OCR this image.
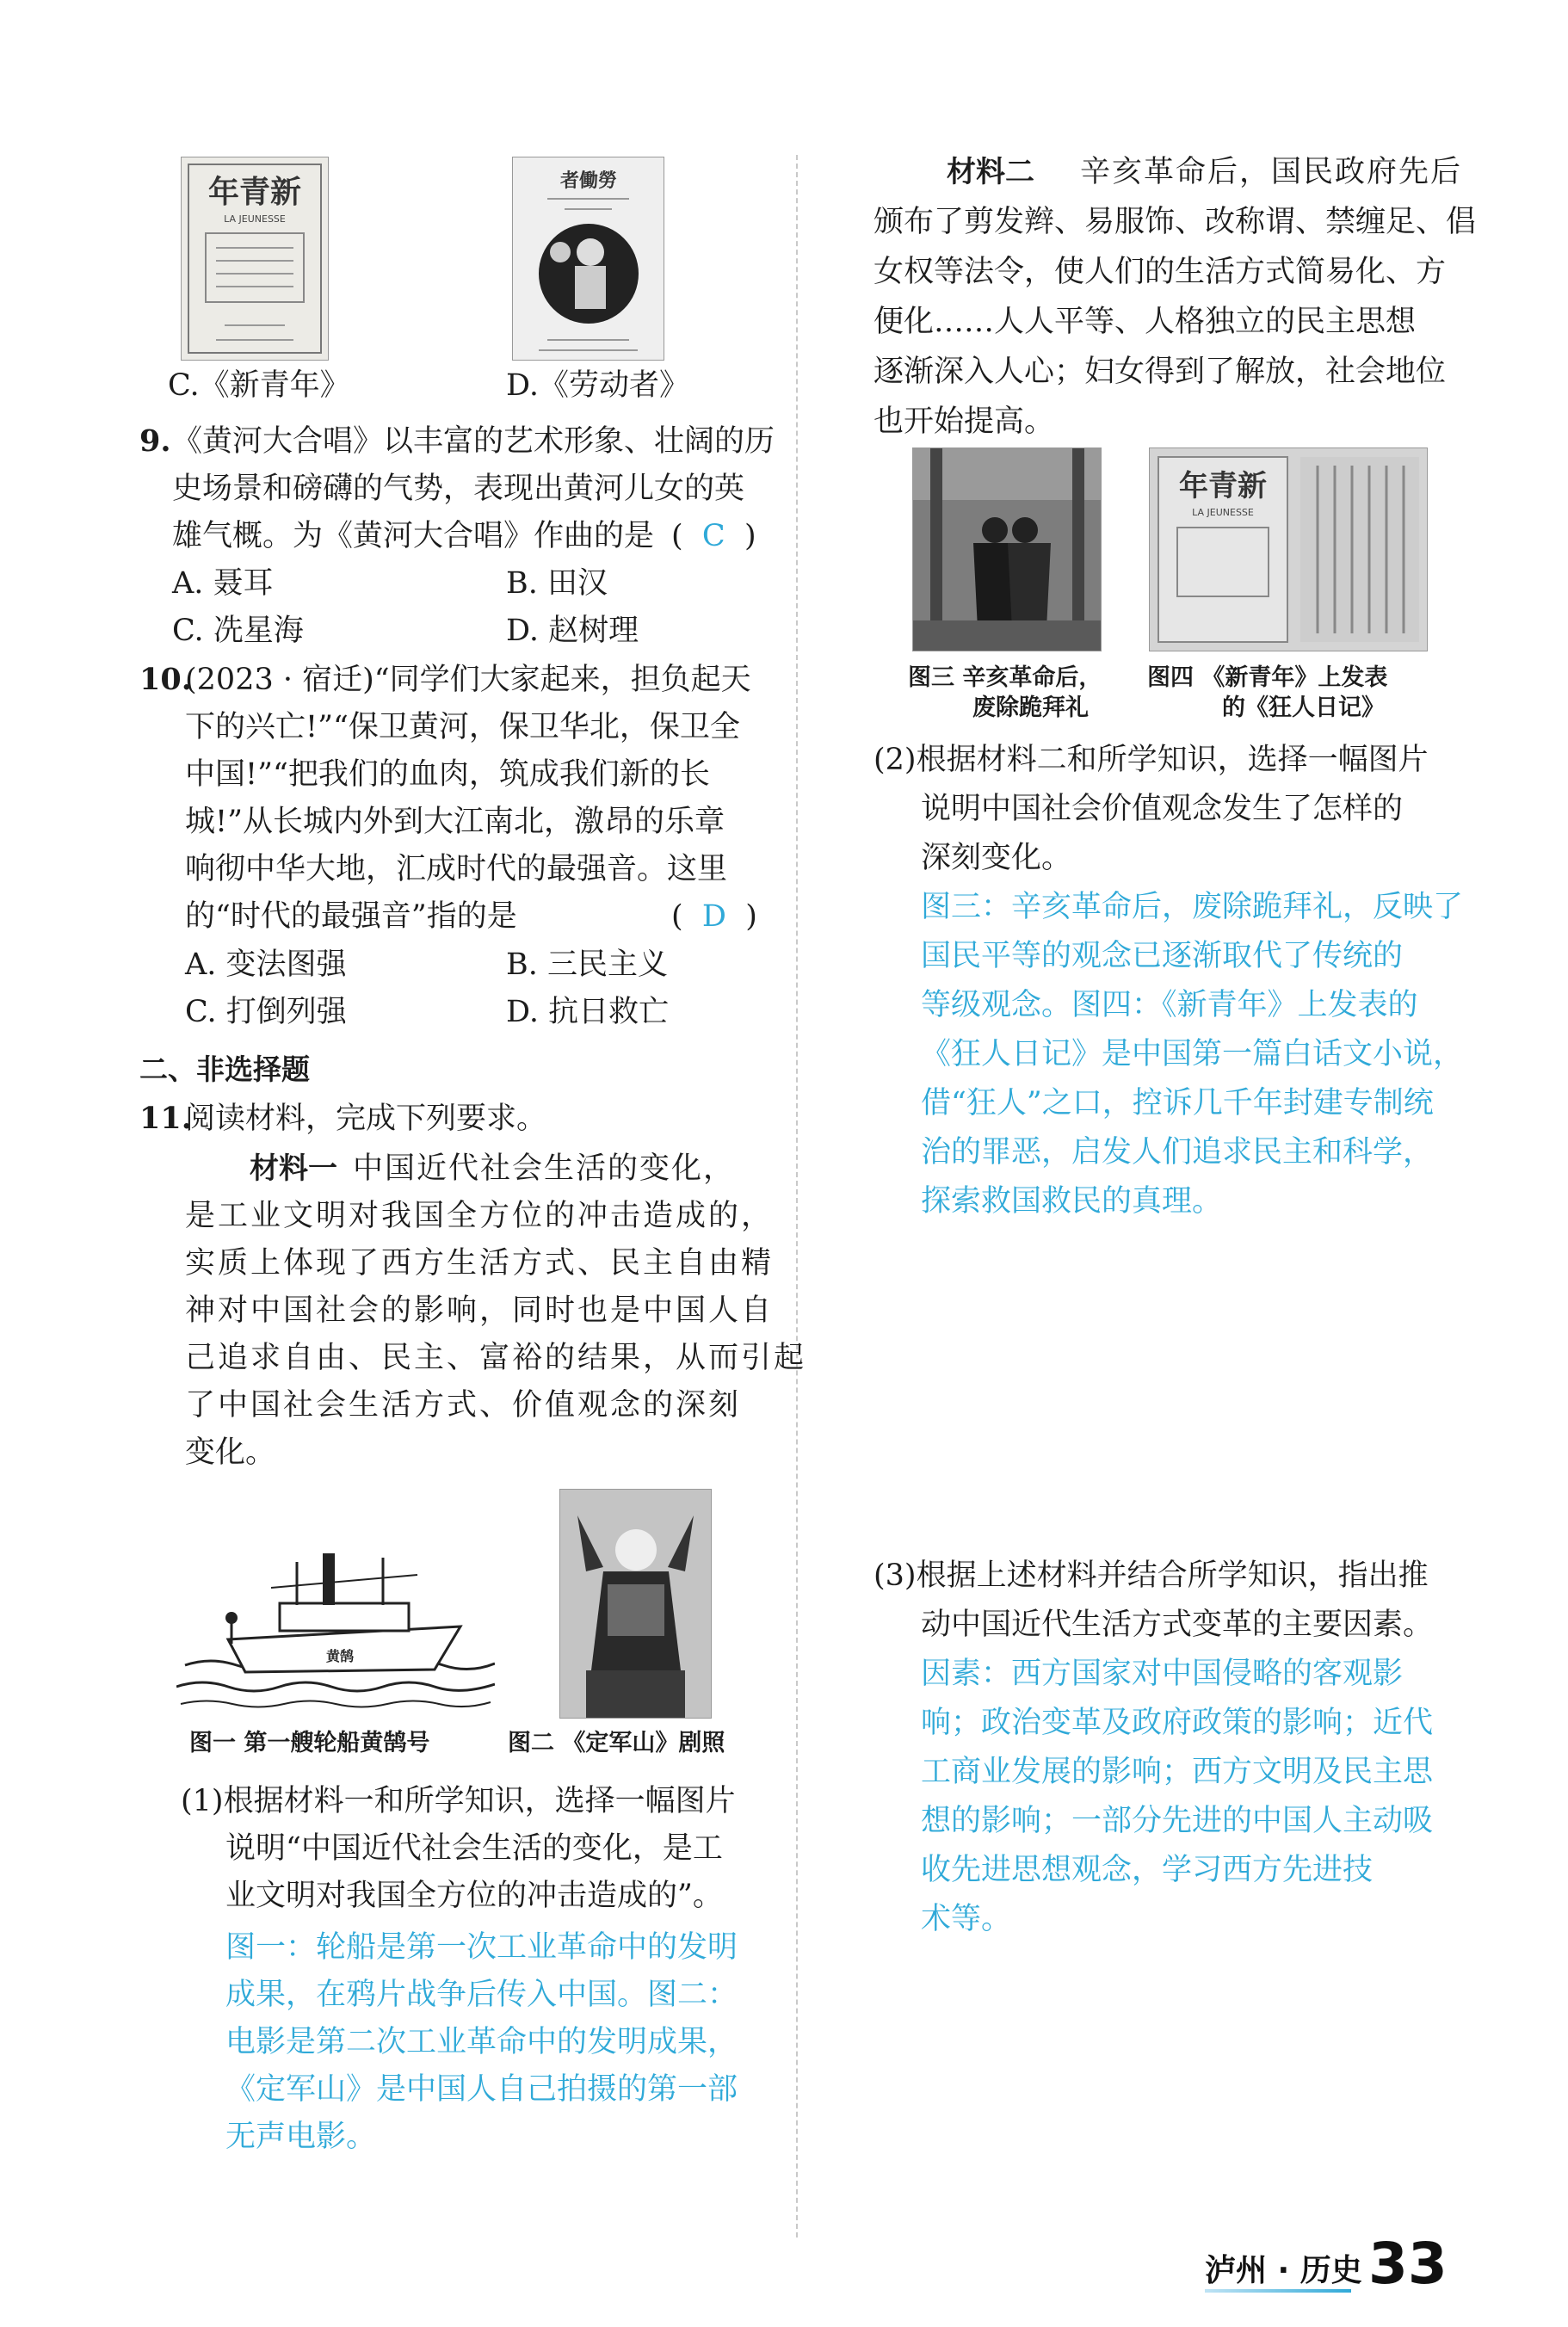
年青新
LA JEUNESSE
者働勞
C.《新青年》	D.《劳动者》
9. 《黄河大合唱》以丰富的艺术形象、壮阔的历
史场景和磅礴的气势，表现出黄河儿女的英
雄气概。为《黄河大合唱》作曲的是 (  C  )
A. 聂耳	B. 田汉
C. 冼星海	D. 赵树理
10.
(2023 · 宿迁)“同学们大家起来，担负起天
下的兴亡!”“保卫黄河，保卫华北，保卫全
中国!”“把我们的血肉，筑成我们新的长
城!”从长城内外到大江南北，激昂的乐章
响彻中华大地，汇成时代的最强音。这里
的“时代的最强音”指的是	(  D  )
A. 变法图强	B. 三民主义
C. 打倒列强	D. 抗日救亡
二、非选择题
11.
阅读材料，完成下列要求。
材料一 中国近代社会生活的变化，
是工业文明对我国全方位的冲击造成的，
实质上体现了西方生活方式、民主自由精
神对中国社会的影响，同时也是中国人自
己追求自由、民主、富裕的结果，从而引起
了中国社会生活方式、价值观念的深刻
变化。
黄鹄
图一 第一艘轮船黄鹄号	图二 《定军山》剧照
(1)根据材料一和所学知识，选择一幅图片
说明“中国近代社会生活的变化，是工
业文明对我国全方位的冲击造成的”。
图一：轮船是第一次工业革命中的发明
成果，在鸦片战争后传入中国。图二：
电影是第二次工业革命中的发明成果，
《定军山》是中国人自己拍摄的第一部
无声电影。
材料二 辛亥革命后，国民政府先后
颁布了剪发辫、易服饰、改称谓、禁缠足、倡
女权等法令，使人们的生活方式简易化、方
便化……人人平等、人格独立的民主思想
逐渐深入人心；妇女得到了解放，社会地位
也开始提高。
年青新
LA JEUNESSE
图三 辛亥革命后，
废除跪拜礼
图四 《新青年》上发表
的《狂人日记》
(2)根据材料二和所学知识，选择一幅图片
说明中国社会价值观念发生了怎样的
深刻变化。
图三：辛亥革命后，废除跪拜礼，反映了
国民平等的观念已逐渐取代了传统的
等级观念。图四：《新青年》上发表的
《狂人日记》是中国第一篇白话文小说，
借“狂人”之口，控诉几千年封建专制统
治的罪恶，启发人们追求民主和科学，
探索救国救民的真理。
(3)根据上述材料并结合所学知识，指出推
动中国近代生活方式变革的主要因素。
因素：西方国家对中国侵略的客观影
响；政治变革及政府政策的影响；近代
工商业发展的影响；西方文明及民主思
想的影响；一部分先进的中国人主动吸
收先进思想观念，学习西方先进技
术等。
泸州 · 历史 33
